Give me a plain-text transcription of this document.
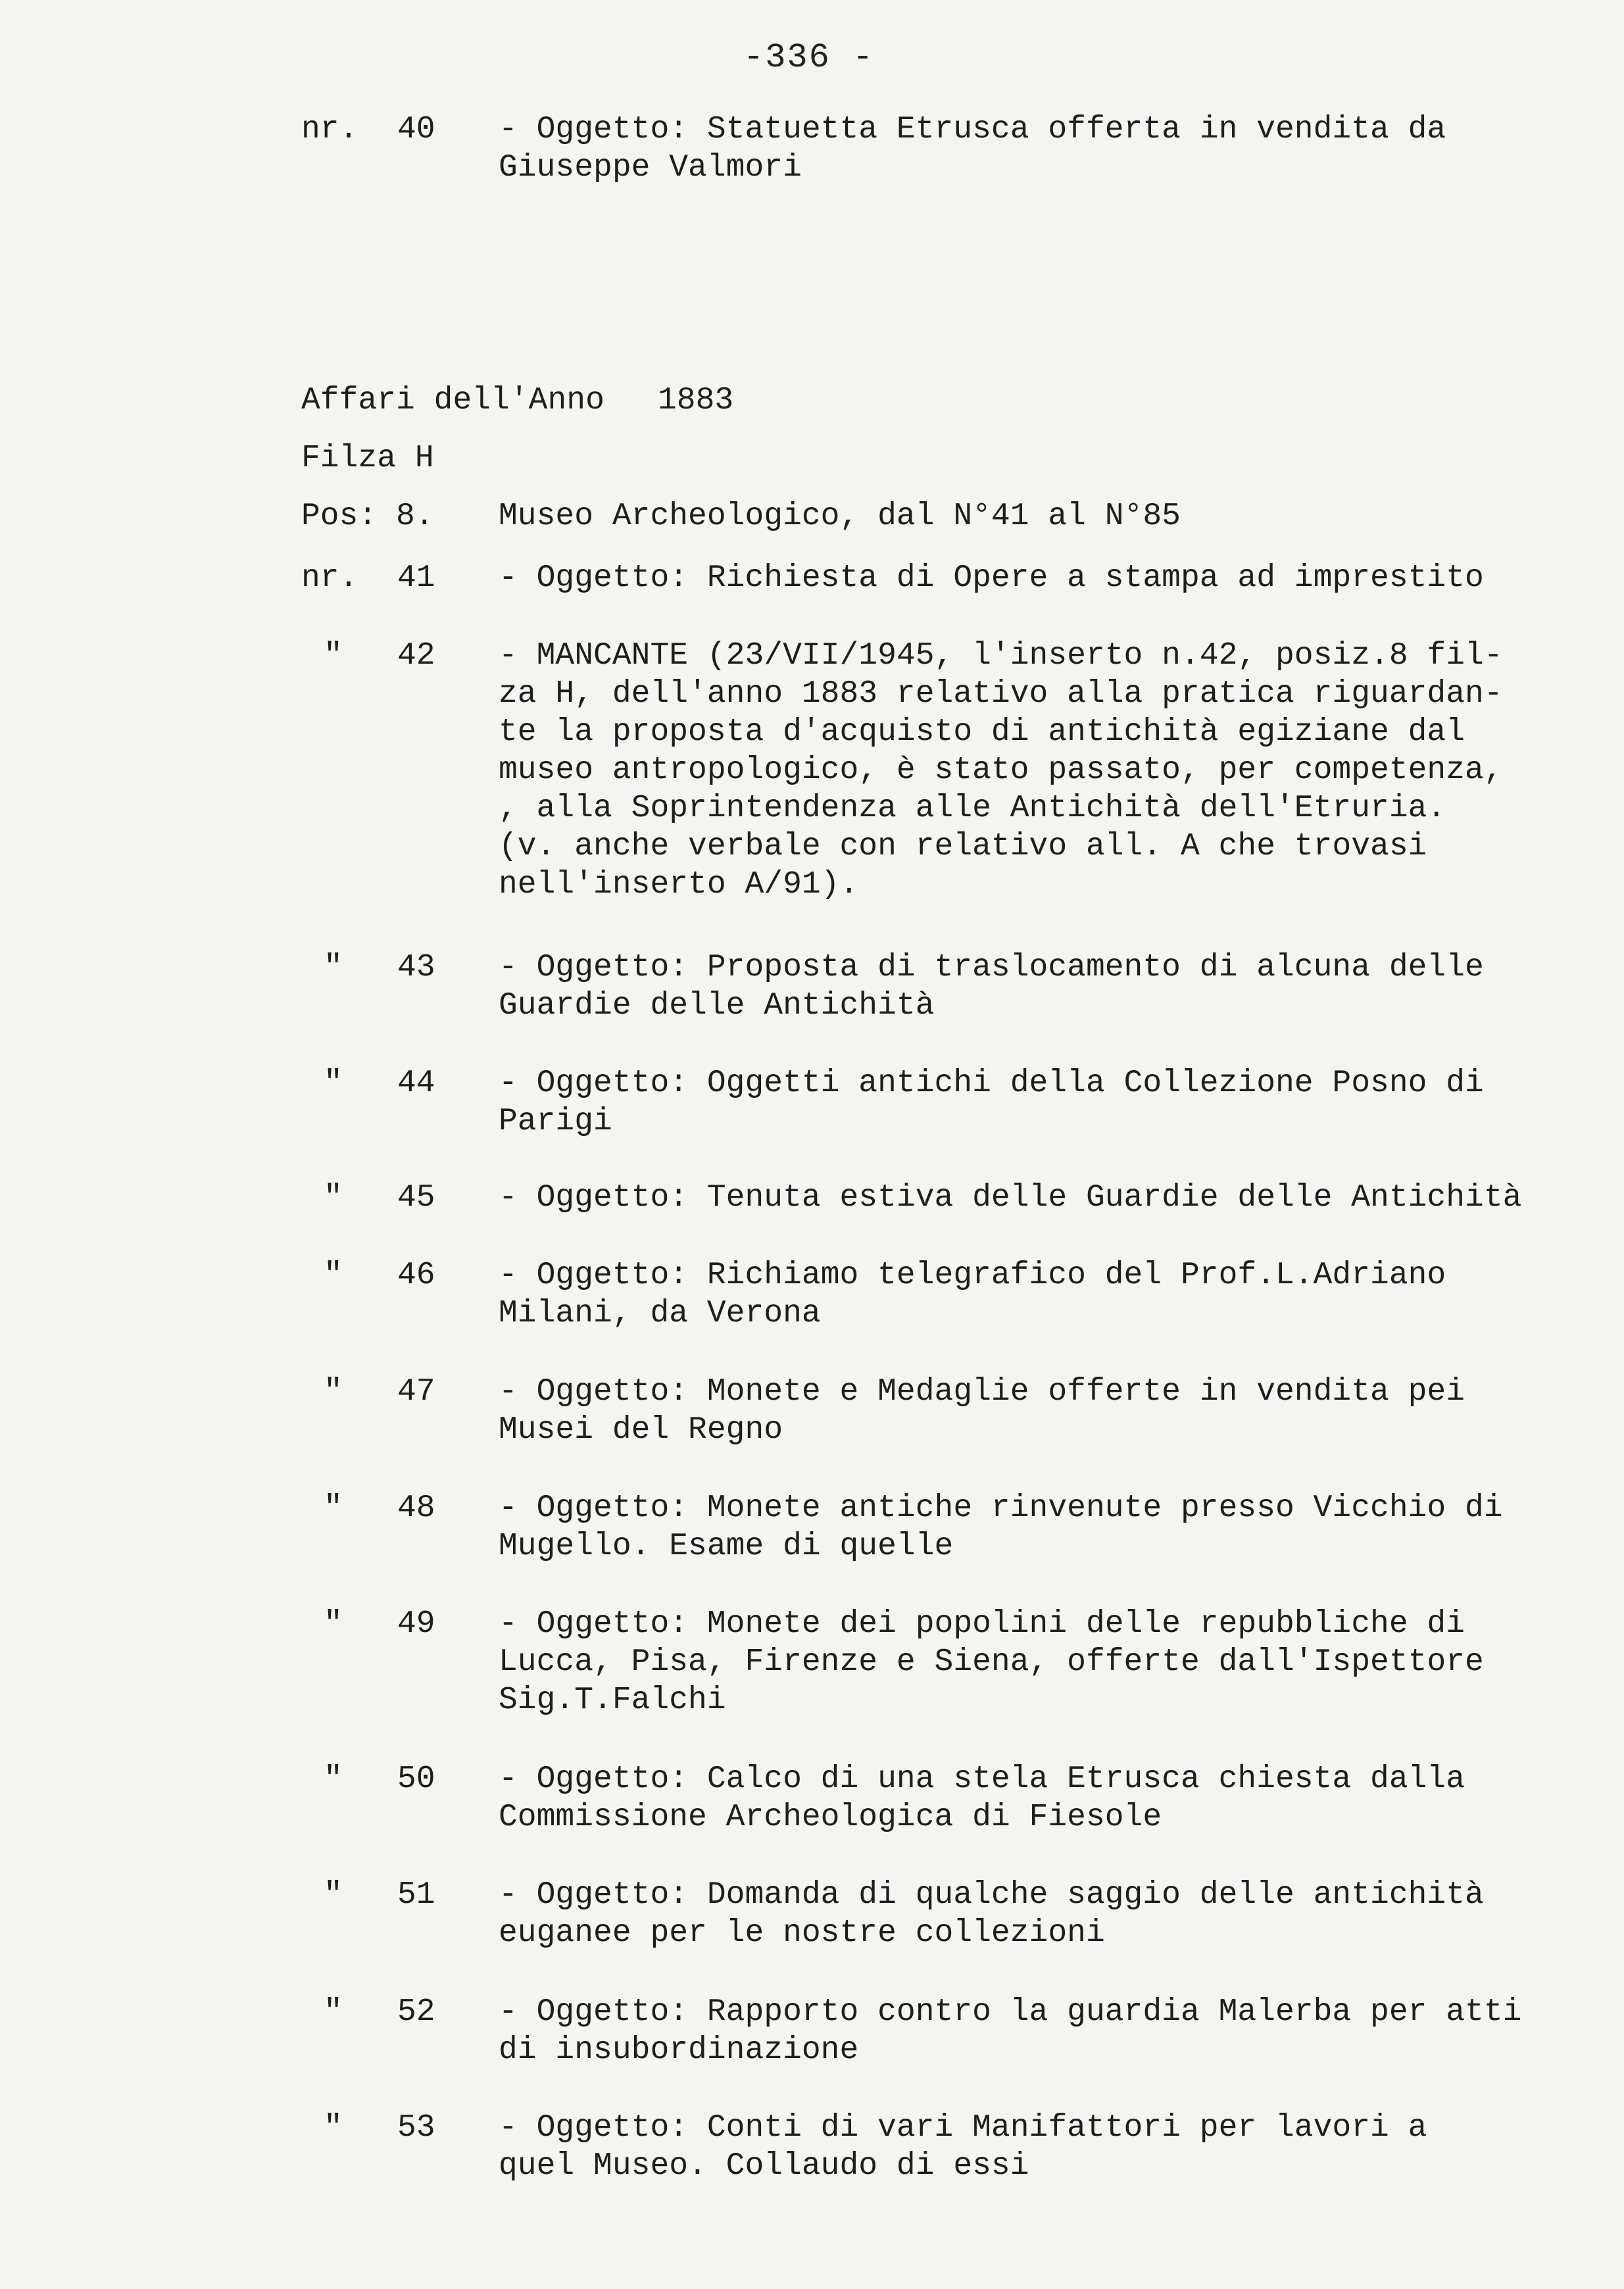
-336 -
nr. 40 - Oggetto: Statuetta Etrusca offerta in vendita da
Giuseppe Valmori
Affari dell'Anno 1883
Filza H
Pos: 8. Museo Archeologico, dal N°41 al N°85
nr. 41 - Oggetto: Richiesta di Opere a stampa ad imprestito
" 42 - MANCANTE (23/VII/1945, l'inserto n.42, posiz.8 fil-
za H, dell'anno 1883 relativo alla pratica riguardan-
te la proposta d'acquisto di antichità egiziane dal
museo antropologico, è stato passato, per competenza,
, alla Soprintendenza alle Antichità dell'Etruria.
(v. anche verbale con relativo all. A che trovasi
nell'inserto A/91).
" 43 - Oggetto: Proposta di traslocamento di alcuna delle
Guardie delle Antichità
" 44 - Oggetto: Oggetti antichi della Collezione Posno di
Parigi
" 45 - Oggetto: Tenuta estiva delle Guardie delle Antichità
" 46 - Oggetto: Richiamo telegrafico del Prof.L.Adriano
Milani, da Verona
" 47 - Oggetto: Monete e Medaglie offerte in vendita pei
Musei del Regno
" 48 - Oggetto: Monete antiche rinvenute presso Vicchio di
Mugello. Esame di quelle
" 49 - Oggetto: Monete dei popolini delle repubbliche di
Lucca, Pisa, Firenze e Siena, offerte dall'Ispettore
Sig.T.Falchi
" 50 - Oggetto: Calco di una stela Etrusca chiesta dalla
Commissione Archeologica di Fiesole
" 51 - Oggetto: Domanda di qualche saggio delle antichità
euganee per le nostre collezioni
" 52 - Oggetto: Rapporto contro la guardia Malerba per atti
di insubordinazione
" 53 - Oggetto: Conti di vari Manifattori per lavori a
quel Museo. Collaudo di essi
